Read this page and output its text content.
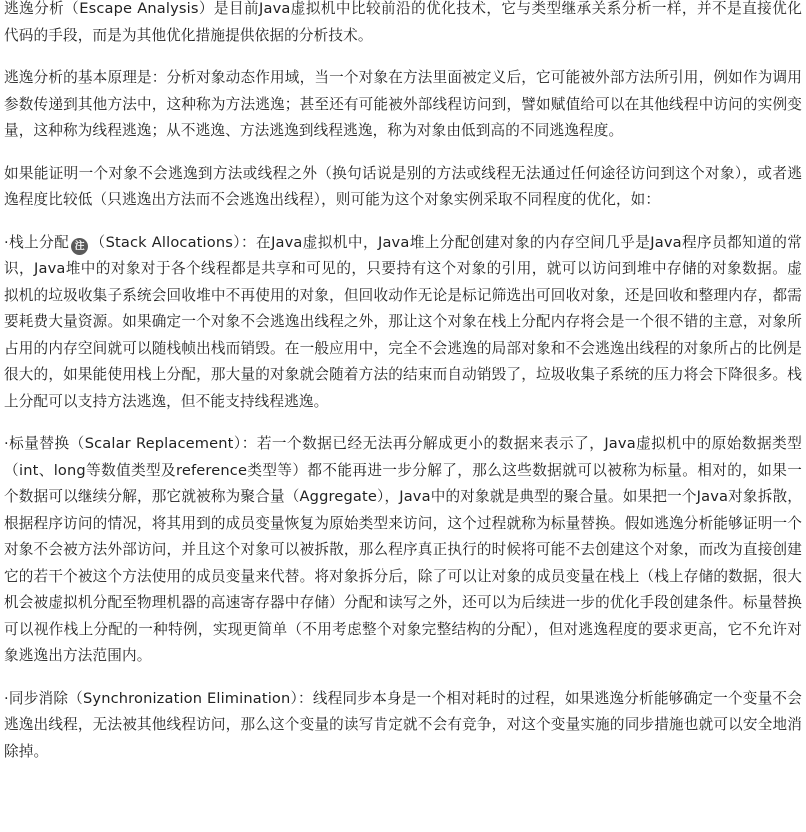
逃逸分析（Escape Analysis）是目前Java虚拟机中比较前沿的优化技术，它与类型继承关系分析一样，并不是直接优化代码的手段，而是为其他优化措施提供依据的分析技术。

逃逸分析的基本原理是：分析对象动态作用域，当一个对象在方法里面被定义后，它可能被外部方法所引用，例如作为调用参数传递到其他方法中，这种称为方法逃逸；甚至还有可能被外部线程访问到，譬如赋值给可以在其他线程中访问的实例变量，这种称为线程逃逸；从不逃逸、方法逃逸到线程逃逸，称为对象由低到高的不同逃逸程度。

如果能证明一个对象不会逃逸到方法或线程之外（换句话说是别的方法或线程无法通过任何途径访问到这个对象），或者逃逸程度比较低（只逃逸出方法而不会逃逸出线程），则可能为这个对象实例采取不同程度的优化，如：

·栈上分配 注 （Stack Allocations）：在Java虚拟机中，Java堆上分配创建对象的内存空间几乎是Java程序员都知道的常识，Java堆中的对象对于各个线程都是共享和可见的，只要持有这个对象的引用，就可以访问到堆中存储的对象数据。虚拟机的垃圾收集子系统会回收堆中不再使用的对象，但回收动作无论是标记筛选出可回收对象，还是回收和整理内存，都需要耗费大量资源。如果确定一个对象不会逃逸出线程之外，那让这个对象在栈上分配内存将会是一个很不错的主意，对象所占用的内存空间就可以随栈帧出栈而销毁。在一般应用中，完全不会逃逸的局部对象和不会逃逸出线程的对象所占的比例是很大的，如果能使用栈上分配，那大量的对象就会随着方法的结束而自动销毁了，垃圾收集子系统的压力将会下降很多。栈上分配可以支持方法逃逸，但不能支持线程逃逸。

·标量替换（Scalar Replacement）：若一个数据已经无法再分解成更小的数据来表示了，Java虚拟机中的原始数据类型（int、long等数值类型及reference类型等）都不能再进一步分解了，那么这些数据就可以被称为标量。相对的，如果一个数据可以继续分解，那它就被称为聚合量（Aggregate），Java中的对象就是典型的聚合量。如果把一个Java对象拆散，根据程序访问的情况，将其用到的成员变量恢复为原始类型来访问，这个过程就称为标量替换。假如逃逸分析能够证明一个对象不会被方法外部访问，并且这个对象可以被拆散，那么程序真正执行的时候将可能不去创建这个对象，而改为直接创建它的若干个被这个方法使用的成员变量来代替。将对象拆分后，除了可以让对象的成员变量在栈上（栈上存储的数据，很大机会被虚拟机分配至物理机器的高速寄存器中存储）分配和读写之外，还可以为后续进一步的优化手段创建条件。标量替换可以视作栈上分配的一种特例，实现更简单（不用考虑整个对象完整结构的分配），但对逃逸程度的要求更高，它不允许对象逃逸出方法范围内。

·同步消除（Synchronization Elimination）：线程同步本身是一个相对耗时的过程，如果逃逸分析能够确定一个变量不会逃逸出线程，无法被其他线程访问，那么这个变量的读写肯定就不会有竞争，对这个变量实施的同步措施也就可以安全地消除掉。
